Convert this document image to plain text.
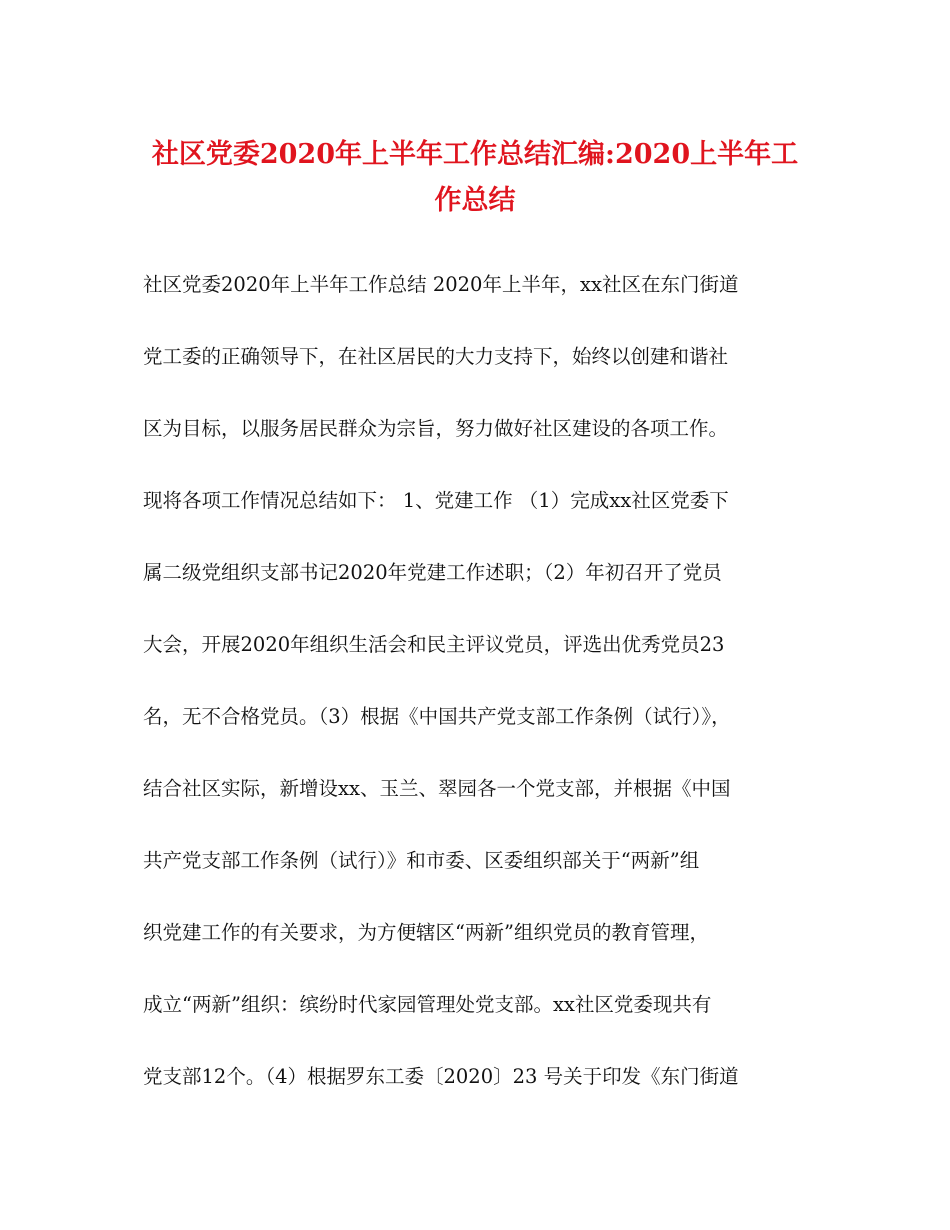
社区党委2020年上半年工作总结汇编:2020上半年工
作总结

社区党委2020年上半年工作总结 2020年上半年，xx社区在东门街道

党工委的正确领导下，在社区居民的大力支持下，始终以创建和谐社

区为目标，以服务居民群众为宗旨，努力做好社区建设的各项工作。

现将各项工作情况总结如下： 1、党建工作 （1）完成xx社区党委下

属二级党组织支部书记2020年党建工作述职；（2）年初召开了党员

大会，开展2020年组织生活会和民主评议党员，评选出优秀党员23

名，无不合格党员。（3）根据《中国共产党支部工作条例（试行）》，

结合社区实际，新增设xx、玉兰、翠园各一个党支部，并根据《中国

共产党支部工作条例（试行）》和市委、区委组织部关于“两新”组

织党建工作的有关要求，为方便辖区“两新”组织党员的教育管理，

成立“两新”组织：缤纷时代家园管理处党支部。xx社区党委现共有

党支部12个。（4）根据罗东工委〔2020〕23 号关于印发《东门街道
